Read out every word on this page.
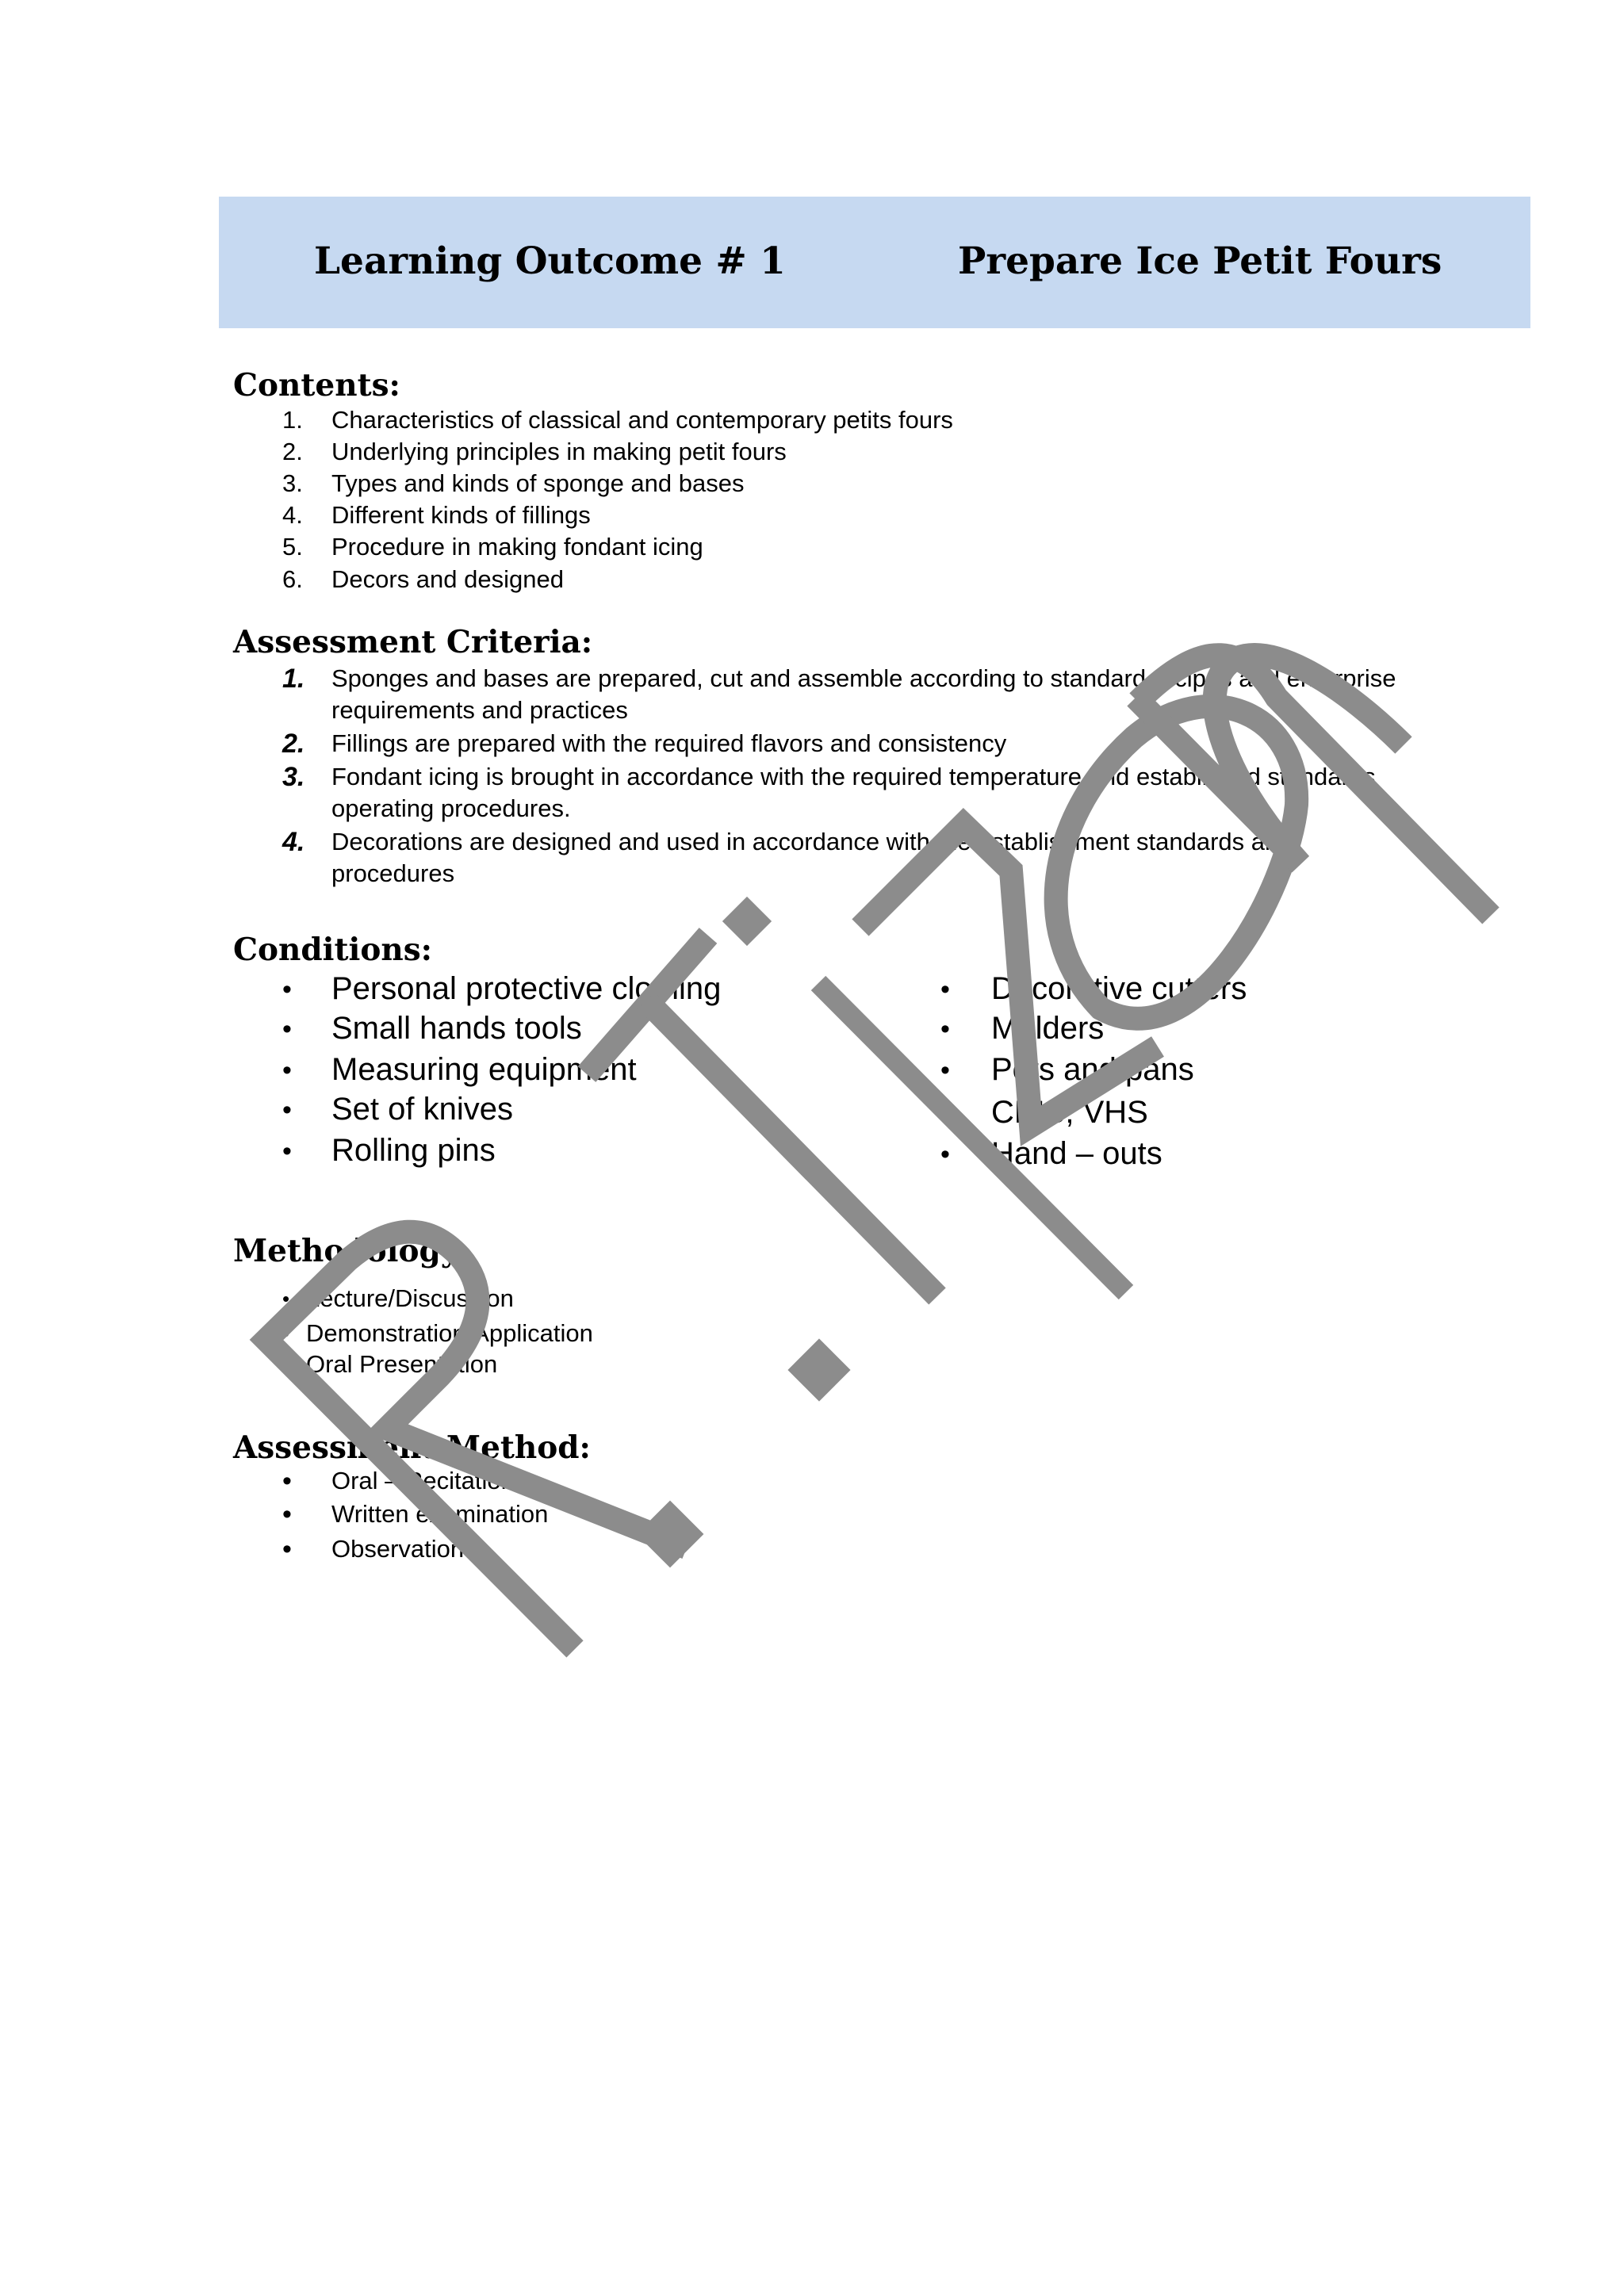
Learning Outcome # 1	Prepare Ice Petit Fours
Contents:
1. Characteristics of classical and contemporary petits fours
2. Underlying principles in making petit fours
3. Types and kinds of sponge and bases
4. Different kinds of fillings
5. Procedure in making fondant icing
6. Decors and designed
Assessment Criteria:
1. Sponges and bases are prepared, cut and assemble according to standard recipes and enterprise
requirements and practices
2. Fillings are prepared with the required flavors and consistency
3. Fondant icing is brought in accordance with the required temperature and established standards
operating procedures.
4. Decorations are designed and used in accordance with the establishment standards and
procedures
Conditions:
• Personal protective clothing
• Small hands tools
• Measuring equipment
• Set of knives
• Rolling pins
• Decorative cutters
• Molders
• Pots and pans
• CD’S, VHS
• Hand – outs
Methodology:
• Lecture/Discussion
• Demonstration/Application
• Oral Presentation
Assessment Method:
• Oral – Recitation
• Written examination
• Observation
